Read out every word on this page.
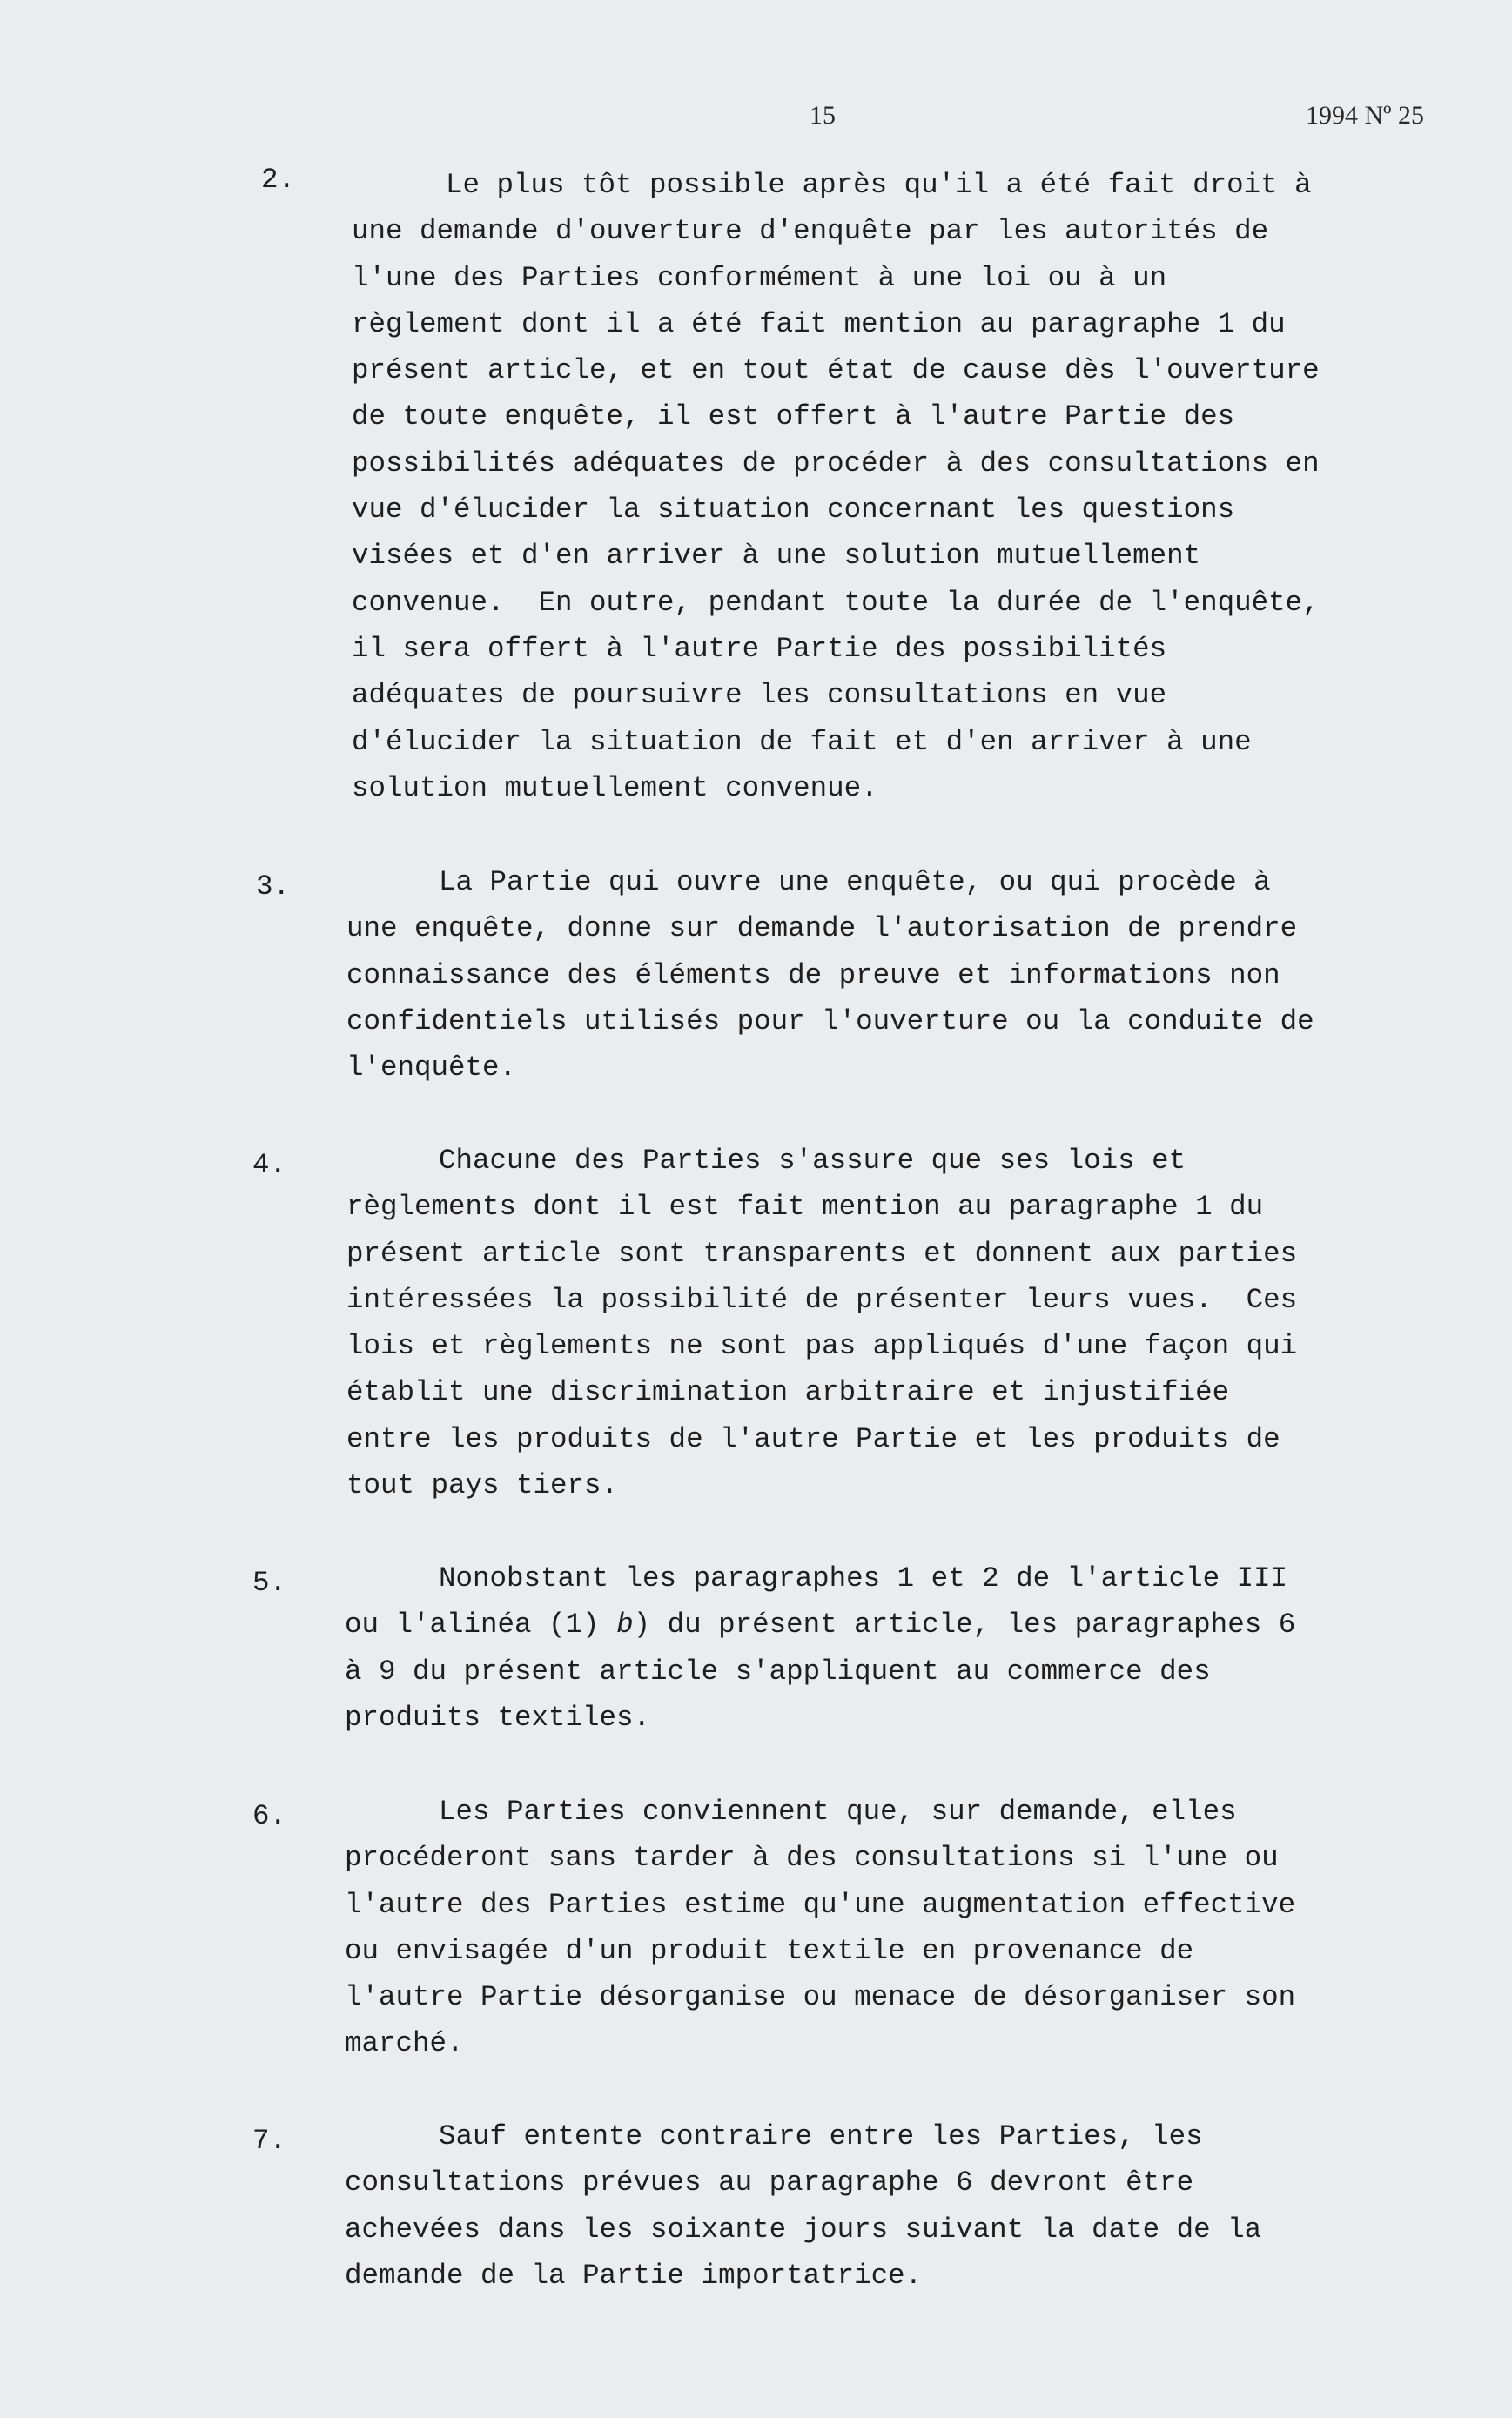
15	1994 Nº 25
2.	Le plus tôt possible après qu'il a été fait droit à
une demande d'ouverture d'enquête par les autorités de
l'une des Parties conformément à une loi ou à un
règlement dont il a été fait mention au paragraphe 1 du
présent article, et en tout état de cause dès l'ouverture
de toute enquête, il est offert à l'autre Partie des
possibilités adéquates de procéder à des consultations en
vue d'élucider la situation concernant les questions
visées et d'en arriver à une solution mutuellement
convenue.  En outre, pendant toute la durée de l'enquête,
il sera offert à l'autre Partie des possibilités
adéquates de poursuivre les consultations en vue
d'élucider la situation de fait et d'en arriver à une
solution mutuellement convenue.
3.	La Partie qui ouvre une enquête, ou qui procède à
une enquête, donne sur demande l'autorisation de prendre
connaissance des éléments de preuve et informations non
confidentiels utilisés pour l'ouverture ou la conduite de
l'enquête.
4.	Chacune des Parties s'assure que ses lois et
règlements dont il est fait mention au paragraphe 1 du
présent article sont transparents et donnent aux parties
intéressées la possibilité de présenter leurs vues.  Ces
lois et règlements ne sont pas appliqués d'une façon qui
établit une discrimination arbitraire et injustifiée
entre les produits de l'autre Partie et les produits de
tout pays tiers.
5.	Nonobstant les paragraphes 1 et 2 de l'article III
ou l'alinéa (1) b) du présent article, les paragraphes 6
à 9 du présent article s'appliquent au commerce des
produits textiles.
6.	Les Parties conviennent que, sur demande, elles
procéderont sans tarder à des consultations si l'une ou
l'autre des Parties estime qu'une augmentation effective
ou envisagée d'un produit textile en provenance de
l'autre Partie désorganise ou menace de désorganiser son
marché.
7.	Sauf entente contraire entre les Parties, les
consultations prévues au paragraphe 6 devront être
achevées dans les soixante jours suivant la date de la
demande de la Partie importatrice.
